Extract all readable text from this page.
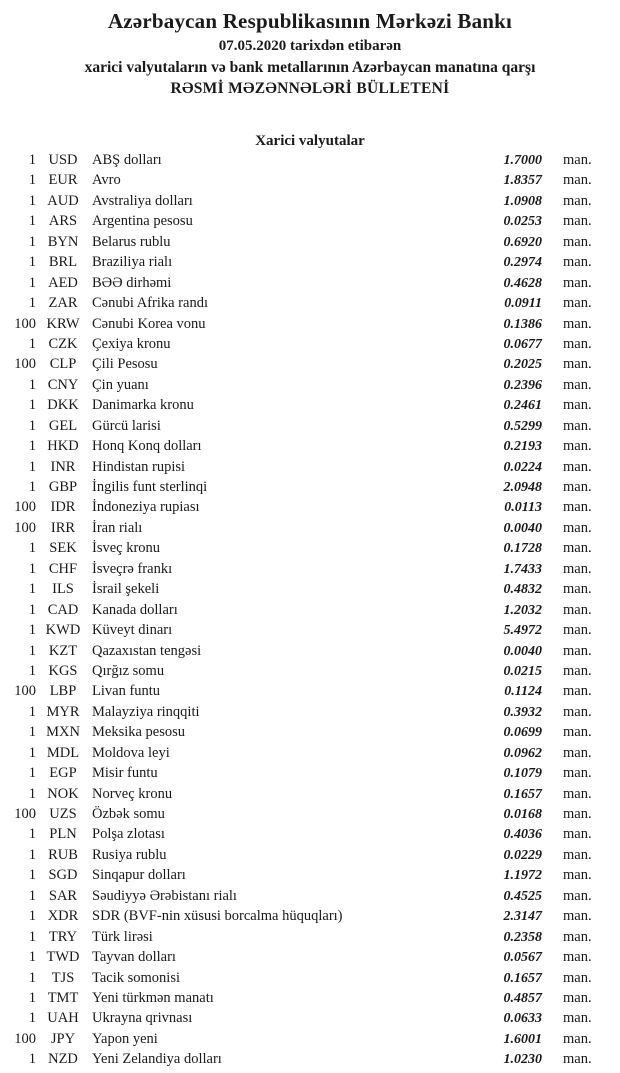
Azərbaycan Respublikasının Mərkəzi Bankı
07.05.2020 tarixdən etibarən
xarici valyutaların və bank metallarının Azərbaycan manatına qarşı
RƏSMİ MƏZƏNNƏLƏRİ BÜLLETENİ
Xarici valyutalar
1 USD	ABŞ dolları	1.7000	man.
1 EUR	Avro	1.8357	man.
1 AUD Avstraliya dolları	1.0908	man.
1 ARS	Argentina pesosu	0.0253	man.
1 BYN Belarus rublu	0.6920	man.
1 BRL	Braziliya rialı	0.2974	man.
1 AED BƏƏ dirhəmi	0.4628	man.
1 ZAR	Cənubi Afrika randı	0.0911	man.
100 KRW Cənubi Korea vonu	0.1386	man.
1 CZK	Çexiya kronu	0.0677	man.
100 CLP	Çili Pesosu	0.2025	man.
1 CNY Çin yuanı	0.2396	man.
1 DKK Danimarka kronu	0.2461	man.
1 GEL	Gürcü larisi	0.5299	man.
1 HKD Honq Konq dolları	0.2193	man.
1	INR	Hindistan rupisi	0.0224	man.
1 GBP	İngilis funt sterlinqi	2.0948	man.
100	IDR	İndoneziya rupiası	0.0113	man.
100	IRR	İran rialı	0.0040	man.
1 SEK	İsveç kronu	0.1728	man.
1 CHF	İsveçrə frankı	1.7433	man.
1	ILS	İsrail şekeli	0.4832	man.
1 CAD Kanada dolları	1.2032	man.
1 KWD Küveyt dinarı	5.4972	man.
1 KZT	Qazaxıstan tengəsi	0.0040	man.
1 KGS	Qırğız somu	0.0215	man.
100 LBP	Livan funtu	0.1124	man.
1 MYR Malayziya rinqqiti	0.3932	man.
1 MXN Meksika pesosu	0.0699	man.
1 MDL Moldova leyi	0.0962	man.
1 EGP	Misir funtu	0.1079	man.
1 NOK Norveç kronu	0.1657	man.
100 UZS	Özbək somu	0.0168	man.
1 PLN	Polşa zlotası	0.4036	man.
1 RUB Rusiya rublu	0.0229	man.
1 SGD	Sinqapur dolları	1.1972	man.
1 SAR	Səudiyyə Ərəbistanı rialı	0.4525	man.
1 XDR SDR (BVF-nin xüsusi borcalma hüquqları)	2.3147	man.
1 TRY	Türk lirəsi	0.2358	man.
1 TWD Tayvan dolları	0.0567	man.
1	TJS	Tacik somonisi	0.1657	man.
1 TMT Yeni türkmən manatı	0.4857	man.
1 UAH Ukrayna qrivnası	0.0633	man.
100	JPY	Yapon yeni	1.6001	man.
1 NZD Yeni Zelandiya dolları	1.0230	man.
